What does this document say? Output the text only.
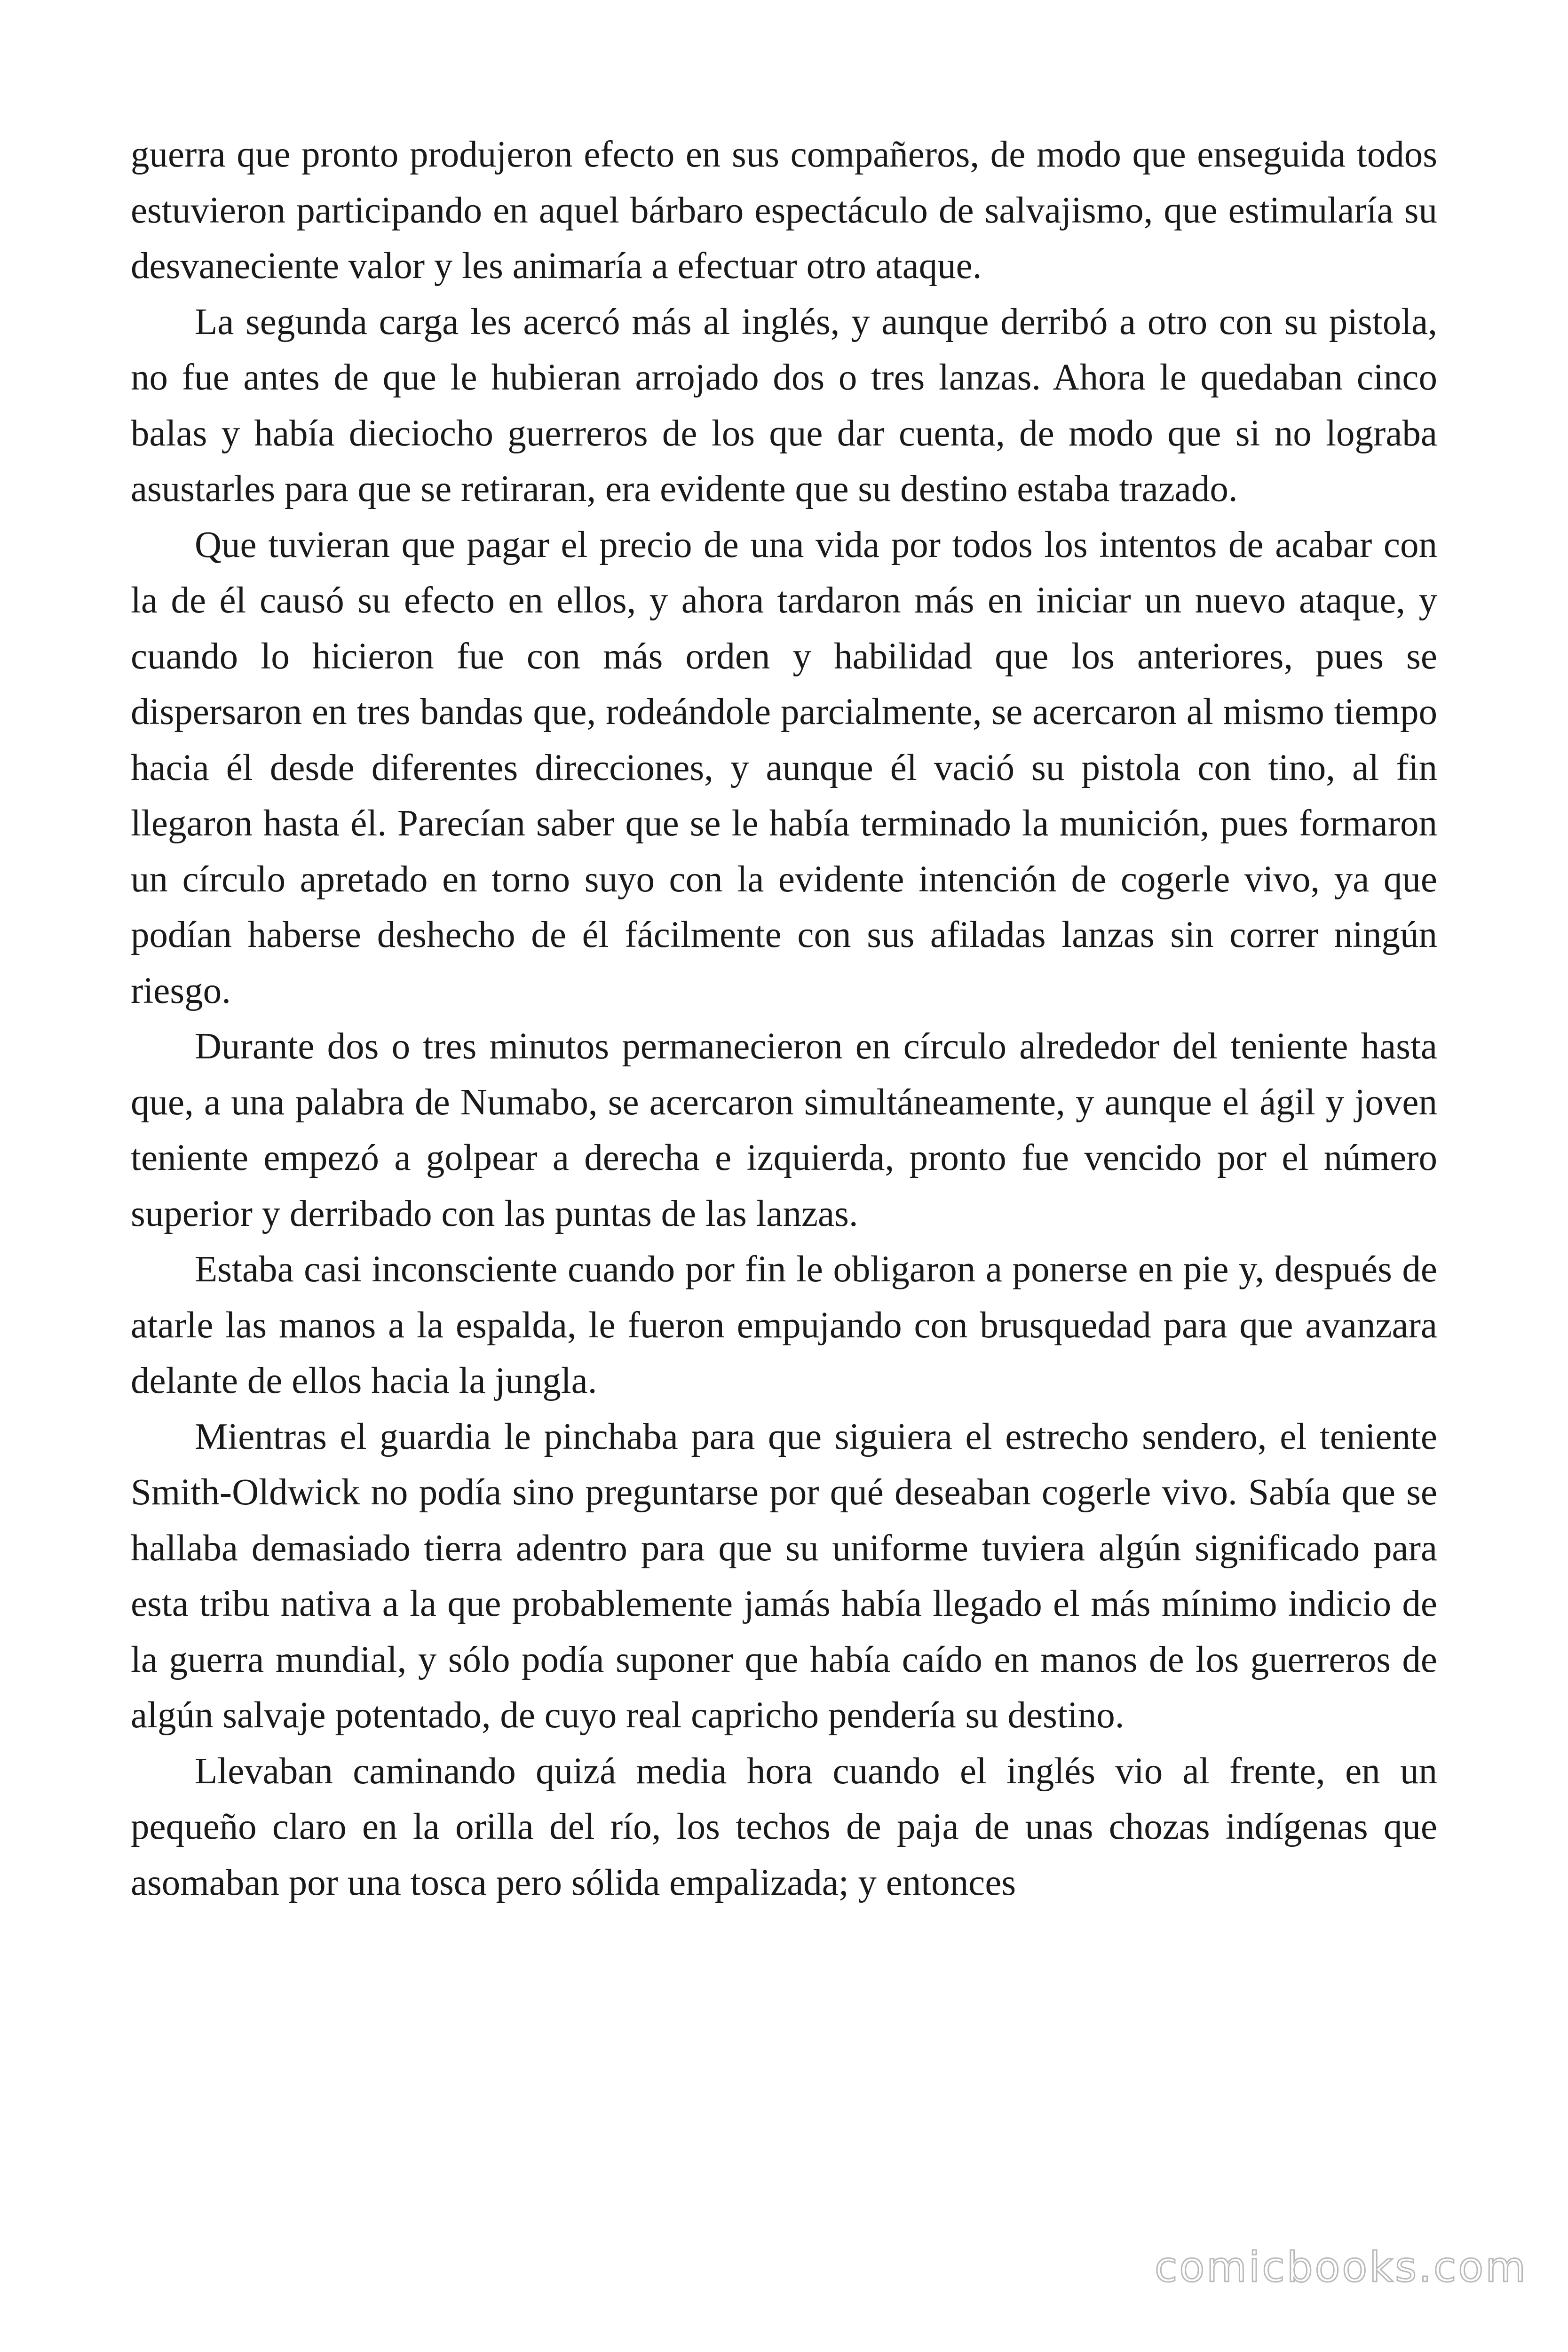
guerra que pronto produjeron efecto en sus compañeros, de modo que enseguida todos estuvieron participando en aquel bárbaro espectáculo de salvajismo, que estimularía su desvaneciente valor y les animaría a efectuar otro ataque.

La segunda carga les acercó más al inglés, y aunque derribó a otro con su pistola, no fue antes de que le hubieran arrojado dos o tres lanzas. Ahora le quedaban cinco balas y había dieciocho guerreros de los que dar cuenta, de modo que si no lograba asustarles para que se retiraran, era evidente que su destino estaba trazado.

Que tuvieran que pagar el precio de una vida por todos los intentos de acabar con la de él causó su efecto en ellos, y ahora tardaron más en iniciar un nuevo ataque, y cuando lo hicieron fue con más orden y habilidad que los anteriores, pues se dispersaron en tres bandas que, rodeándole parcialmente, se acercaron al mismo tiempo hacia él desde diferentes direcciones, y aunque él vació su pistola con tino, al fin llegaron hasta él. Parecían saber que se le había terminado la munición, pues formaron un círculo apretado en torno suyo con la evidente intención de cogerle vivo, ya que podían haberse deshecho de él fácilmente con sus afiladas lanzas sin correr ningún riesgo.

Durante dos o tres minutos permanecieron en círculo alrededor del teniente hasta que, a una palabra de Numabo, se acercaron simultáneamente, y aunque el ágil y joven teniente empezó a golpear a derecha e izquierda, pronto fue vencido por el número superior y derribado con las puntas de las lanzas.

Estaba casi inconsciente cuando por fin le obligaron a ponerse en pie y, después de atarle las manos a la espalda, le fueron empujando con brusquedad para que avanzara delante de ellos hacia la jungla.

Mientras el guardia le pinchaba para que siguiera el estrecho sendero, el teniente Smith-Oldwick no podía sino preguntarse por qué deseaban cogerle vivo. Sabía que se hallaba demasiado tierra adentro para que su uniforme tuviera algún significado para esta tribu nativa a la que probablemente jamás había llegado el más mínimo indicio de la guerra mundial, y sólo podía suponer que había caído en manos de los guerreros de algún salvaje potentado, de cuyo real capricho pendería su destino.

Llevaban caminando quizá media hora cuando el inglés vio al frente, en un pequeño claro en la orilla del río, los techos de paja de unas chozas indígenas que asomaban por una tosca pero sólida empalizada; y entonces

comicbooks.com
